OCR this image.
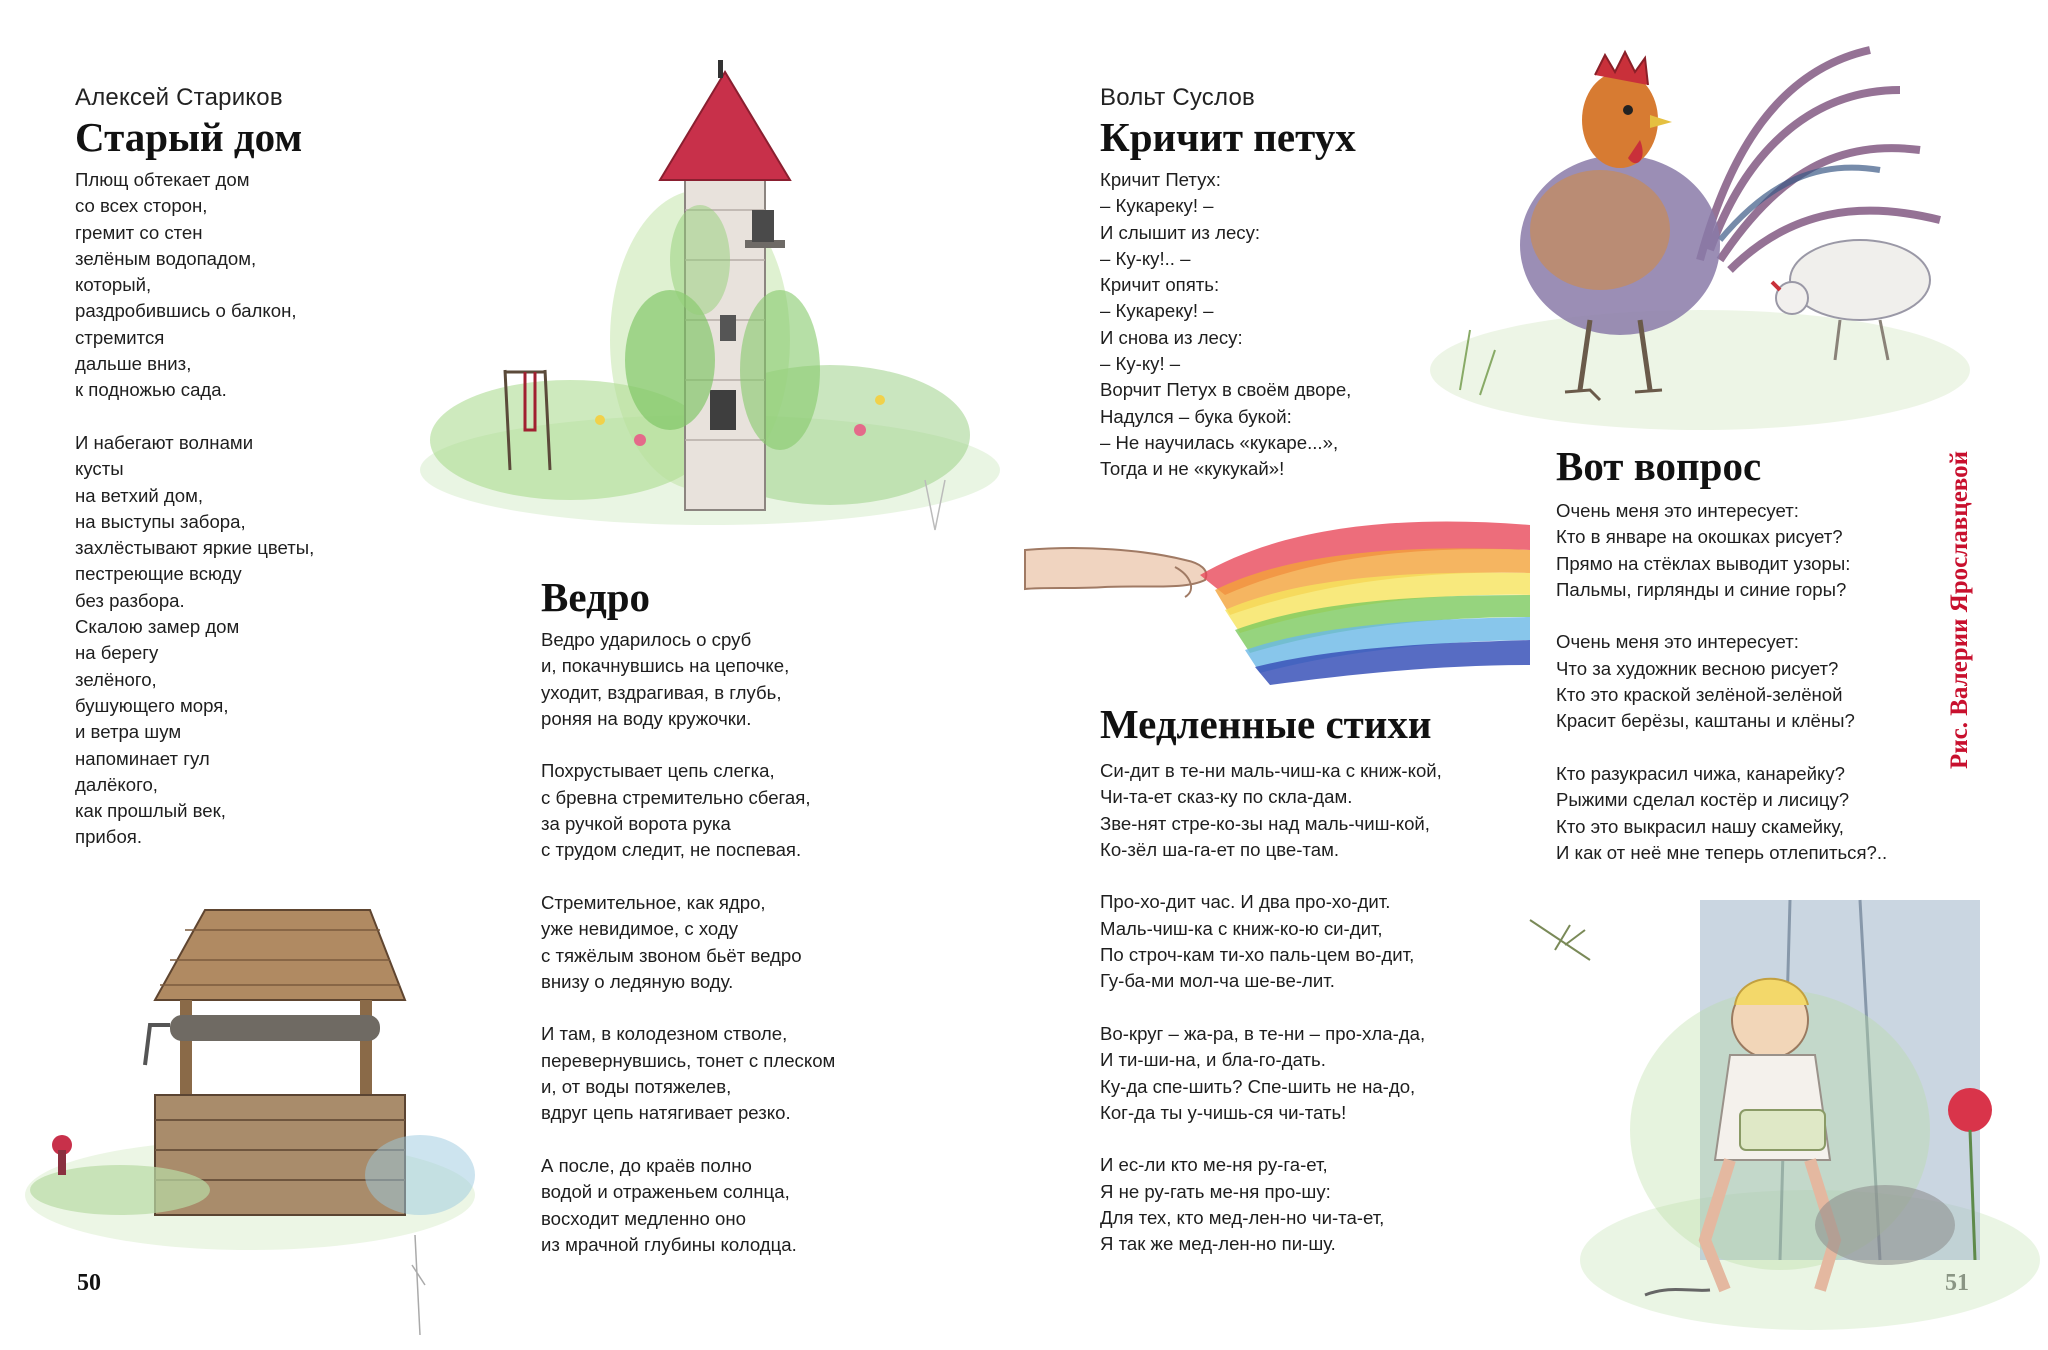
Алексей Стариков
Старый дом
Плющ обтекает дом
со всех сторон,
гремит со стен
зелёным водопадом,
который,
раздробившись о балкон,
стремится
дальше вниз,
к подножью сада.
И набегают волнами
кусты
на ветхий дом,
на выступы забора,
захлёстывают яркие цветы,
пестреющие всюду
без разбора.
Скалою замер дом
на берегу
зелёного,
бушующего моря,
и ветра шум
напоминает гул
далёкого,
как прошлый век,
прибоя.
Ведро
Ведро ударилось о сруб
и, покачнувшись на цепочке,
уходит, вздрагивая, в глубь,
роняя на воду кружочки.
Похрустывает цепь слегка,
с бревна стремительно сбегая,
за ручкой ворота рука
с трудом следит, не поспевая.
Стремительное, как ядро,
уже невидимое, с ходу
с тяжёлым звоном бьёт ведро
внизу о ледяную воду.
И там, в колодезном стволе,
перевернувшись, тонет с плеском
и, от воды потяжелев,
вдруг цепь натягивает резко.
А после, до краёв полно
водой и отраженьем солнца,
восходит медленно оно
из мрачной глубины колодца.
50
Вольт Суслов
Кричит петух
Кричит Петух:
– Кукареку! –
И слышит из лесу:
– Ку-ку!.. –
Кричит опять:
– Кукареку! –
И снова из лесу:
– Ку-ку! –
Ворчит Петух в своём дворе,
Надулся – бука букой:
– Не научилась «кукаре...»,
Тогда и не «кукукай»!
Медленные стихи
Си-дит в те-ни маль-чиш-ка с книж-кой,
Чи-та-ет сказ-ку по скла-дам.
Зве-нят стре-ко-зы над маль-чиш-кой,
Ко-зёл ша-га-ет по цве-там.
Про-хо-дит час. И два про-хо-дит.
Маль-чиш-ка с книж-ко-ю си-дит,
По строч-кам ти-хо паль-цем во-дит,
Гу-ба-ми мол-ча ше-ве-лит.
Во-круг – жа-ра, в те-ни – про-хла-да,
И ти-ши-на, и бла-го-дать.
Ку-да спе-шить? Спе-шить не на-до,
Ког-да ты у-чишь-ся чи-тать!
И ес-ли кто ме-ня ру-га-ет,
Я не ру-гать ме-ня про-шу:
Для тех, кто мед-лен-но чи-та-ет,
Я так же мед-лен-но пи-шу.
Вот вопрос
Очень меня это интересует:
Кто в январе на окошках рисует?
Прямо на стёклах выводит узоры:
Пальмы, гирлянды и синие горы?
Очень меня это интересует:
Что за художник весною рисует?
Кто это краской зелёной-зелёной
Красит берёзы, каштаны и клёны?
Кто разукрасил чижа, канарейку?
Рыжими сделал костёр и лисицу?
Кто это выкрасил нашу скамейку,
И как от неё мне теперь отлепиться?..
Рис. Валерии Ярославцевой
